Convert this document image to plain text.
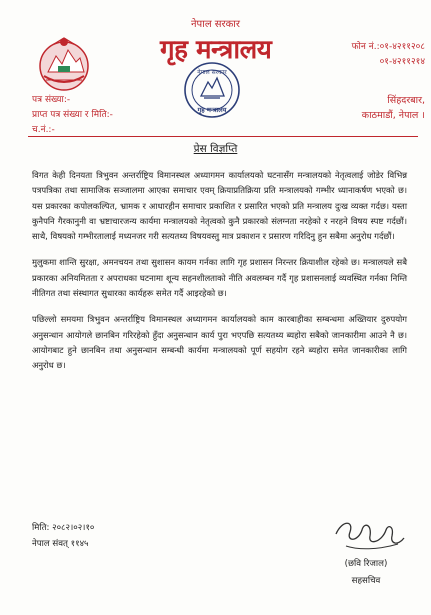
नेपाल सरकार
गृह मन्त्रालय
नेपाल सरकार
गृह मन्त्रालय
फोन नं.:०१-४२११२०८
०१-४२११२१४
सिंहदरबार,
काठमाडौं, नेपाल ।
पत्र संख्या:-
प्राप्त पत्र संख्या र मिति:-
च.नं.:-
प्रेस विज्ञप्ति

विगत केही दिनयता त्रिभुवन अन्तर्राष्ट्रिय विमानस्थल अध्यागमन कार्यालयको घटनासँग मन्त्रालयको नेतृत्वलाई जोडेर विभिन्न पत्रपत्रिका तथा सामाजिक सञ्जालमा आएका समाचार एवम् क्रियाप्रतिक्रिया प्रति मन्त्रालयको गम्भीर ध्यानाकर्षण भएको छ। यस प्रकारका कपोलकल्पित, भ्रामक र आधारहीन समाचार प्रकाशित र प्रसारित भएको प्रति मन्त्रालय दुःख व्यक्त गर्दछ। यस्ता कुनैपनि गैरकानुनी वा भ्रष्टाचारजन्य कार्यमा मन्त्रालयको नेतृत्वको कुनै प्रकारको संलग्नता नरहेको र नरहने विषय स्पष्ट गर्दछौं। साथै, विषयको गम्भीरतालाई मध्यनजर गरी सत्यतथ्य विषयवस्तु मात्र प्रकाशन र प्रसारण गरिदिनु हुन सबैमा अनुरोध गर्दछौं।

मुलुकमा शान्ति सुरक्षा, अमनचयन तथा सुशासन कायम गर्नका लागि गृह प्रशासन निरन्तर क्रियाशील रहेको छ। मन्त्रालयले सबै प्रकारका अनियमितता र अपराधका घटनामा शून्य सहनशीलताको नीति अवलम्बन गर्दै गृह प्रशासनलाई व्यवस्थित गर्नका निम्ति नीतिगत तथा संस्थागत सुधारका कार्यहरू समेत गर्दै आइरहेको छ।

पछिल्लो समयमा त्रिभुवन अन्तर्राष्ट्रिय विमानस्थल अध्यागमन कार्यालयको काम कारबाहीका सम्बन्धमा अख्तियार दुरुपयोग अनुसन्धान आयोगले छानबिन गरिरहेको हुँदा अनुसन्धान कार्य पुरा भएपछि सत्यतथ्य ब्यहोरा सबैको जानकारीमा आउने नै छ। आयोगबाट हुने छानबिन तथा अनुसन्धान सम्बन्धी कार्यमा मन्त्रालयको पूर्ण सहयोग रहने ब्यहोरा समेत जानकारीका लागि अनुरोध छ।

मिति: २०८२।०२।१०
नेपाल संवत् ११४५
(छवि रिजाल)
सहसचिव
